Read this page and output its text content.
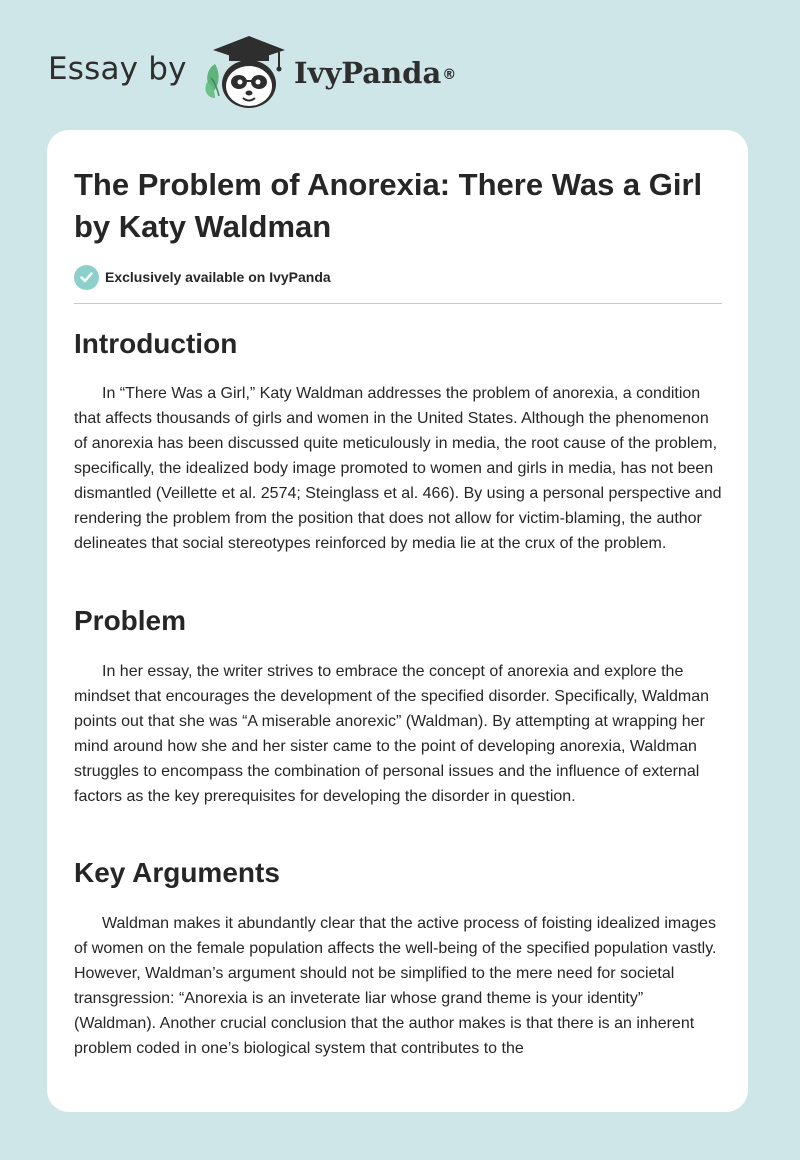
Essay by	IvyPanda®
The Problem of Anorexia: There Was a Girl by Katy Waldman
Exclusively available on IvyPanda
Introduction

In “There Was a Girl,” Katy Waldman addresses the problem of anorexia, a condition that affects thousands of girls and women in the United States. Although the phenomenon of anorexia has been discussed quite meticulously in media, the root cause of the problem, specifically, the idealized body image promoted to women and girls in media, has not been dismantled (Veillette et al. 2574; Steinglass et al. 466). By using a personal perspective and rendering the problem from the position that does not allow for victim-blaming, the author delineates that social stereotypes reinforced by media lie at the crux of the problem.

Problem

In her essay, the writer strives to embrace the concept of anorexia and explore the mindset that encourages the development of the specified disorder. Specifically, Waldman points out that she was “A miserable anorexic” (Waldman). By attempting at wrapping her mind around how she and her sister came to the point of developing anorexia, Waldman struggles to encompass the combination of personal issues and the influence of external factors as the key prerequisites for developing the disorder in question.

Key Arguments

Waldman makes it abundantly clear that the active process of foisting idealized images of women on the female population affects the well-being of the specified population vastly. However, Waldman’s argument should not be simplified to the mere need for societal transgression: “Anorexia is an inveterate liar whose grand theme is your identity” (Waldman). Another crucial conclusion that the author makes is that there is an inherent problem coded in one’s biological system that contributes to the
